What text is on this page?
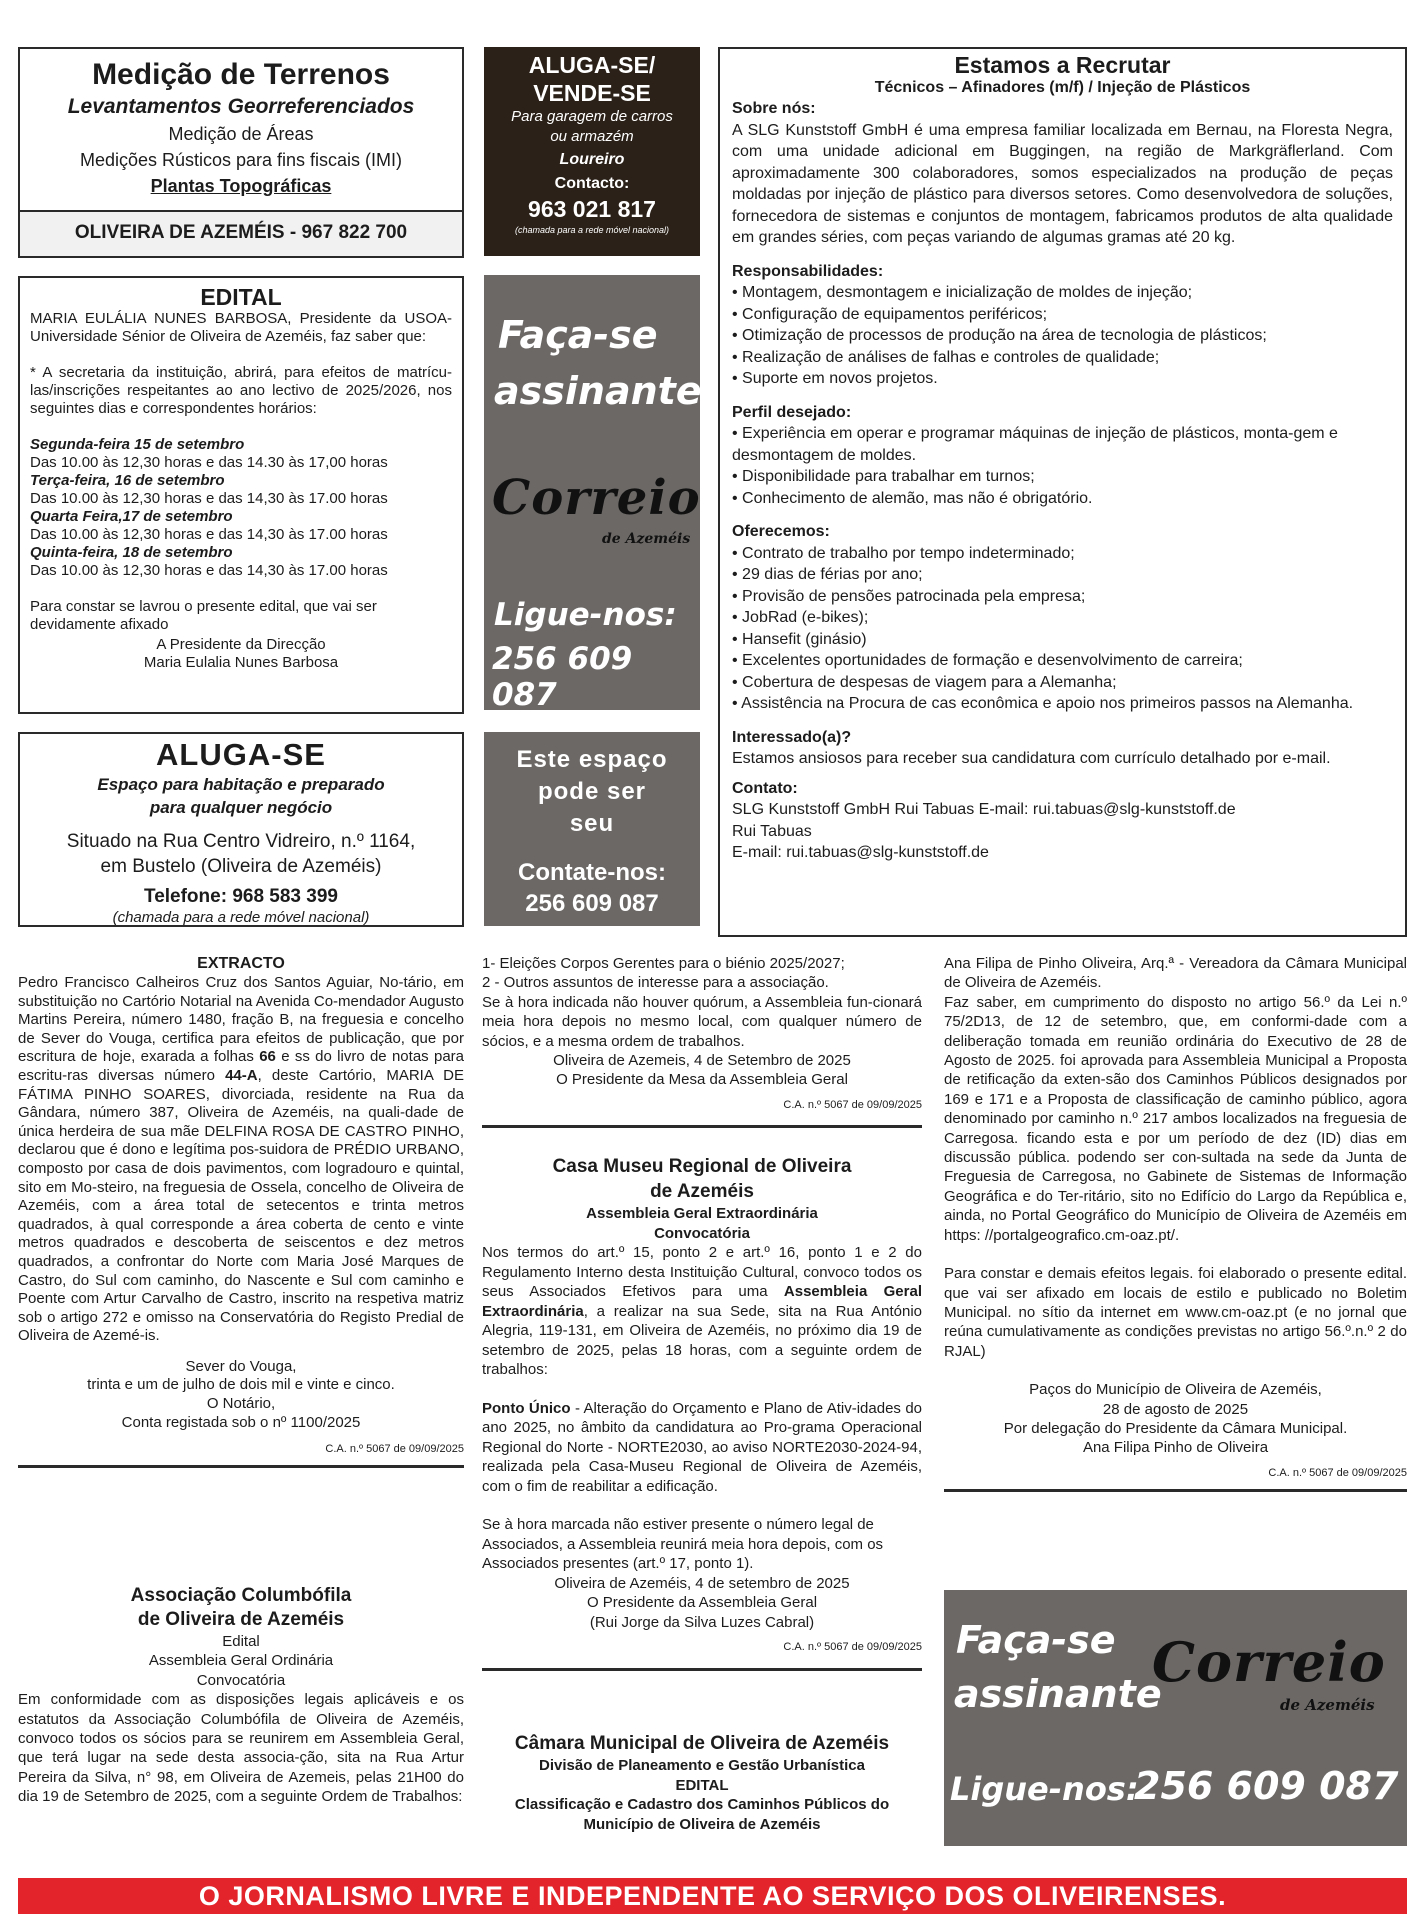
Medição de Terrenos
Levantamentos Georreferenciados
Medição de Áreas
Medições Rústicos para fins fiscais (IMI)
Plantas Topográficas
OLIVEIRA DE AZEMÉIS - 967 822 700
ALUGA-SE/
VENDE-SE
Para garagem de carros
ou armazém
Loureiro
Contacto:
963 021 817
(chamada para a rede móvel nacional)
EDITAL

MARIA EULÁLIA NUNES BARBOSA, Presidente da USOA-Universidade Sénior de Oliveira de Azeméis, faz saber que:

* A secretaria da instituição, abrirá, para efeitos de matrícu-las/inscrições respeitantes ao ano lectivo de 2025/2026, nos seguintes dias e correspondentes horários:

Segunda-feira 15 de setembro
Das 10.00 às 12,30 horas e das 14.30 às 17,00 horas
Terça-feira, 16 de setembro
Das 10.00 às 12,30 horas e das 14,30 às 17.00 horas
Quarta Feira,17 de setembro
Das 10.00 às 12,30 horas e das 14,30 às 17.00 horas
Quinta-feira, 18 de setembro
Das 10.00 às 12,30 horas e das 14,30 às 17.00 horas

Para constar se lavrou o presente edital, que vai ser devidamente afixado

A Presidente da Direcção
Maria Eulalia Nunes Barbosa
Faça-se
assinante
Correio
de Azeméis
Ligue-nos:
256 609 087
ALUGA-SE
Espaço para habitação e preparado
para qualquer negócio
Situado na Rua Centro Vidreiro, n.º 1164,
em Bustelo (Oliveira de Azeméis)
Telefone: 968 583 399
(chamada para a rede móvel nacional)
Este espaço
pode ser
seu
Contate-nos:
256 609 087
Estamos a Recrutar
Técnicos – Afinadores (m/f) / Injeção de Plásticos
Sobre nós:

A SLG Kunststoff GmbH é uma empresa familiar localizada em Bernau, na Floresta Negra, com uma unidade adicional em Buggingen, na região de Markgräflerland. Com aproximadamente 300 colaboradores, somos especializados na produção de peças moldadas por injeção de plástico para diversos setores. Como desenvolvedora de soluções, fornecedora de sistemas e conjuntos de montagem, fabricamos produtos de alta qualidade em grandes séries, com peças variando de algumas gramas até 20 kg.

Responsabilidades:
• Montagem, desmontagem e inicialização de moldes de injeção;
• Configuração de equipamentos periféricos;
• Otimização de processos de produção na área de tecnologia de plásticos;
• Realização de análises de falhas e controles de qualidade;
• Suporte em novos projetos.
Perfil desejado:
• Experiência em operar e programar máquinas de injeção de plásticos, monta-gem e desmontagem de moldes.
• Disponibilidade para trabalhar em turnos;
• Conhecimento de alemão, mas não é obrigatório.
Oferecemos:
• Contrato de trabalho por tempo indeterminado;
• 29 dias de férias por ano;
• Provisão de pensões patrocinada pela empresa;
• JobRad (e-bikes);
• Hansefit (ginásio)
• Excelentes oportunidades de formação e desenvolvimento de carreira;
• Cobertura de despesas de viagem para a Alemanha;
• Assistência na Procura de cas econômica e apoio nos primeiros passos na Alemanha.
Interessado(a)?

Estamos ansiosos para receber sua candidatura com currículo detalhado por e-mail.

Contato:
SLG Kunststoff GmbH Rui Tabuas E-mail: rui.tabuas@slg-kunststoff.de
Rui Tabuas
E-mail: rui.tabuas@slg-kunststoff.de
EXTRACTO

Pedro Francisco Calheiros Cruz dos Santos Aguiar, No-tário, em substituição no Cartório Notarial na Avenida Co-mendador Augusto Martins Pereira, número 1480, fração B, na freguesia e concelho de Sever do Vouga, certifica para efeitos de publicação, que por escritura de hoje, exarada a folhas 66 e ss do livro de notas para escritu-ras diversas número 44-A, deste Cartório, MARIA DE FÁTIMA PINHO SOARES, divorciada, residente na Rua da Gândara, número 387, Oliveira de Azeméis, na quali-dade de única herdeira de sua mãe DELFINA ROSA DE CASTRO PINHO, declarou que é dono e legítima pos-suidora de PRÉDIO URBANO, composto por casa de dois pavimentos, com logradouro e quintal, sito em Mo-steiro, na freguesia de Ossela, concelho de Oliveira de Azeméis, com a área total de setecentos e trinta metros quadrados, à qual corresponde a área coberta de cento e vinte metros quadrados e descoberta de seiscentos e dez metros quadrados, a confrontar do Norte com Maria José Marques de Castro, do Sul com caminho, do Nascente e Sul com caminho e Poente com Artur Carvalho de Castro, inscrito na respetiva matriz sob o artigo 272 e omisso na Conservatória do Registo Predial de Oliveira de Azemé-is.

Sever do Vouga,
trinta e um de julho de dois mil e vinte e cinco.
O Notário,
Conta registada sob o nº 1100/2025
C.A. n.º 5067 de 09/09/2025
Associação Columbófila
de Oliveira de Azeméis
Edital
Assembleia Geral Ordinária
Convocatória

Em conformidade com as disposições legais aplicáveis e os estatutos da Associação Columbófila de Oliveira de Azeméis, convoco todos os sócios para se reunirem em Assembleia Geral, que terá lugar na sede desta associa-ção, sita na Rua Artur Pereira da Silva, n° 98, em Oliveira de Azemeis, pelas 21H00 do dia 19 de Setembro de 2025, com a seguinte Ordem de Trabalhos:

1- Eleições Corpos Gerentes para o biénio 2025/2027;
2 - Outros assuntos de interesse para a associação.

Se à hora indicada não houver quórum, a Assembleia fun-cionará meia hora depois no mesmo local, com qualquer número de sócios, e a mesma ordem de trabalhos.

Oliveira de Azemeis, 4 de Setembro de 2025
O Presidente da Mesa da Assembleia Geral
C.A. n.º 5067 de 09/09/2025
Casa Museu Regional de Oliveira
de Azeméis
Assembleia Geral Extraordinária
Convocatória

Nos termos do art.º 15, ponto 2 e art.º 16, ponto 1 e 2 do Regulamento Interno desta Instituição Cultural, convoco todos os seus Associados Efetivos para uma Assembleia Geral Extraordinária, a realizar na sua Sede, sita na Rua António Alegria, 119-131, em Oliveira de Azeméis, no próximo dia 19 de setembro de 2025, pelas 18 horas, com a seguinte ordem de trabalhos:

Ponto Único - Alteração do Orçamento e Plano de Ativ-idades do ano 2025, no âmbito da candidatura ao Pro-grama Operacional Regional do Norte - NORTE2030, ao aviso NORTE2030-2024-94, realizada pela Casa-Museu Regional de Oliveira de Azeméis, com o fim de reabilitar a edificação.

Se à hora marcada não estiver presente o número legal de Associados, a Assembleia reunirá meia hora depois, com os Associados presentes (art.º 17, ponto 1).

Oliveira de Azeméis, 4 de setembro de 2025
O Presidente da Assembleia Geral
(Rui Jorge da Silva Luzes Cabral)
C.A. n.º 5067 de 09/09/2025
Câmara Municipal de Oliveira de Azeméis
Divisão de Planeamento e Gestão Urbanística
EDITAL
Classificação e Cadastro dos Caminhos Públicos do
Município de Oliveira de Azeméis

Ana Filipa de Pinho Oliveira, Arq.ª - Vereadora da Câmara Municipal de Oliveira de Azeméis.

Faz saber, em cumprimento do disposto no artigo 56.º da Lei n.º 75/2D13, de 12 de setembro, que, em conformi-dade com a deliberação tomada em reunião ordinária do Executivo de 28 de Agosto de 2025. foi aprovada para Assembleia Municipal a Proposta de retificação da exten-são dos Caminhos Públicos designados por 169 e 171 e a Proposta de classificação de caminho público, agora denominado por caminho n.º 217 ambos localizados na freguesia de Carregosa. ficando esta e por um período de dez (ID) dias em discussão pública. podendo ser con-sultada na sede da Junta de Freguesia de Carregosa, no Gabinete de Sistemas de Informação Geográfica e do Ter-ritário, sito no Edifício do Largo da República e, ainda, no Portal Geográfico do Município de Oliveira de Azeméis em https: //portalgeografico.cm-oaz.pt/.

Para constar e demais efeitos legais. foi elaborado o presente edital. que vai ser afixado em locais de estilo e publicado no Boletim Municipal. no sítio da internet em www.cm-oaz.pt (e no jornal que reúna cumulativamente as condições previstas no artigo 56.º.n.º 2 do RJAL)

Paços do Município de Oliveira de Azeméis,
28 de agosto de 2025
Por delegação do Presidente da Câmara Municipal.
Ana Filipa Pinho de Oliveira
C.A. n.º 5067 de 09/09/2025
Faça-se
assinante
Correio
de Azeméis
Ligue-nos:
256 609 087
O JORNALISMO LIVRE E INDEPENDENTE AO SERVIÇO DOS OLIVEIRENSES.
